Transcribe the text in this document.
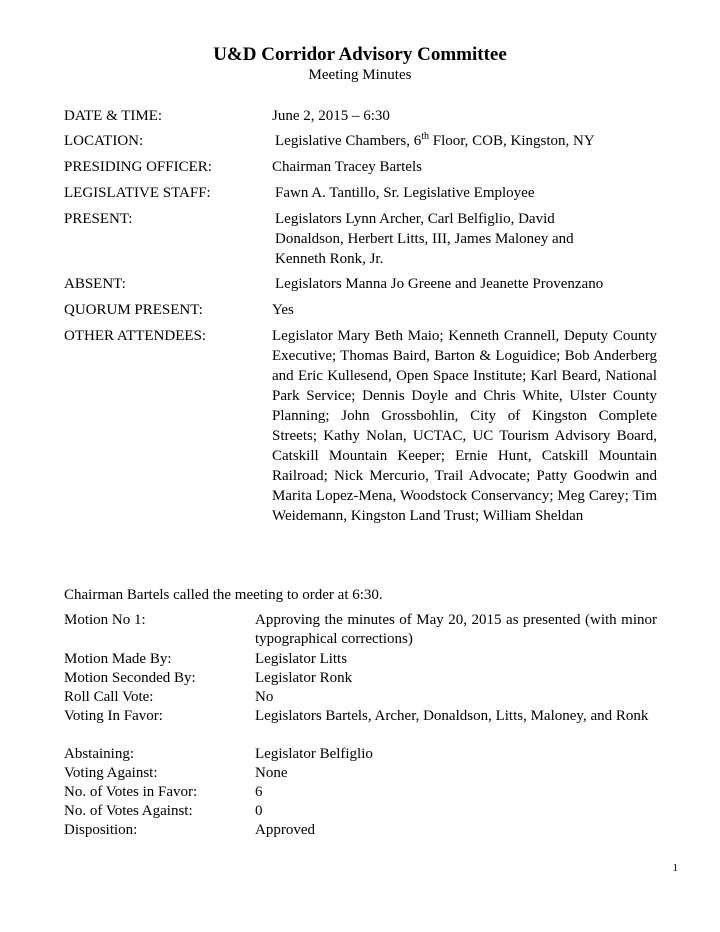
U&D Corridor Advisory Committee
Meeting Minutes
DATE & TIME:	June 2, 2015 – 6:30
LOCATION:	Legislative Chambers, 6th Floor, COB, Kingston, NY
PRESIDING OFFICER:	Chairman Tracey Bartels
LEGISLATIVE STAFF:	Fawn A. Tantillo, Sr. Legislative Employee
PRESENT:	Legislators Lynn Archer, Carl Belfiglio, David Donaldson, Herbert Litts, III, James Maloney and Kenneth Ronk, Jr.
ABSENT:	Legislators Manna Jo Greene and Jeanette Provenzano
QUORUM PRESENT:	Yes
OTHER ATTENDEES:	Legislator Mary Beth Maio; Kenneth Crannell, Deputy County Executive; Thomas Baird, Barton & Loguidice; Bob Anderberg and Eric Kullesend, Open Space Institute; Karl Beard, National Park Service; Dennis Doyle and Chris White, Ulster County Planning; John Grossbohlin, City of Kingston Complete Streets; Kathy Nolan, UCTAC, UC Tourism Advisory Board, Catskill Mountain Keeper; Ernie Hunt, Catskill Mountain Railroad; Nick Mercurio, Trail Advocate; Patty Goodwin and Marita Lopez-Mena, Woodstock Conservancy; Meg Carey; Tim Weidemann, Kingston Land Trust; William Sheldan
Chairman Bartels called the meeting to order at 6:30.
Motion No 1:	Approving the minutes of May 20, 2015 as presented (with minor typographical corrections)
Motion Made By:	Legislator Litts
Motion Seconded By:	Legislator Ronk
Roll Call Vote:	No
Voting In Favor:	Legislators Bartels, Archer, Donaldson, Litts, Maloney, and Ronk
Abstaining:	Legislator Belfiglio
Voting Against:	None
No. of Votes in Favor:	6
No. of Votes Against:	0
Disposition:	Approved
1
